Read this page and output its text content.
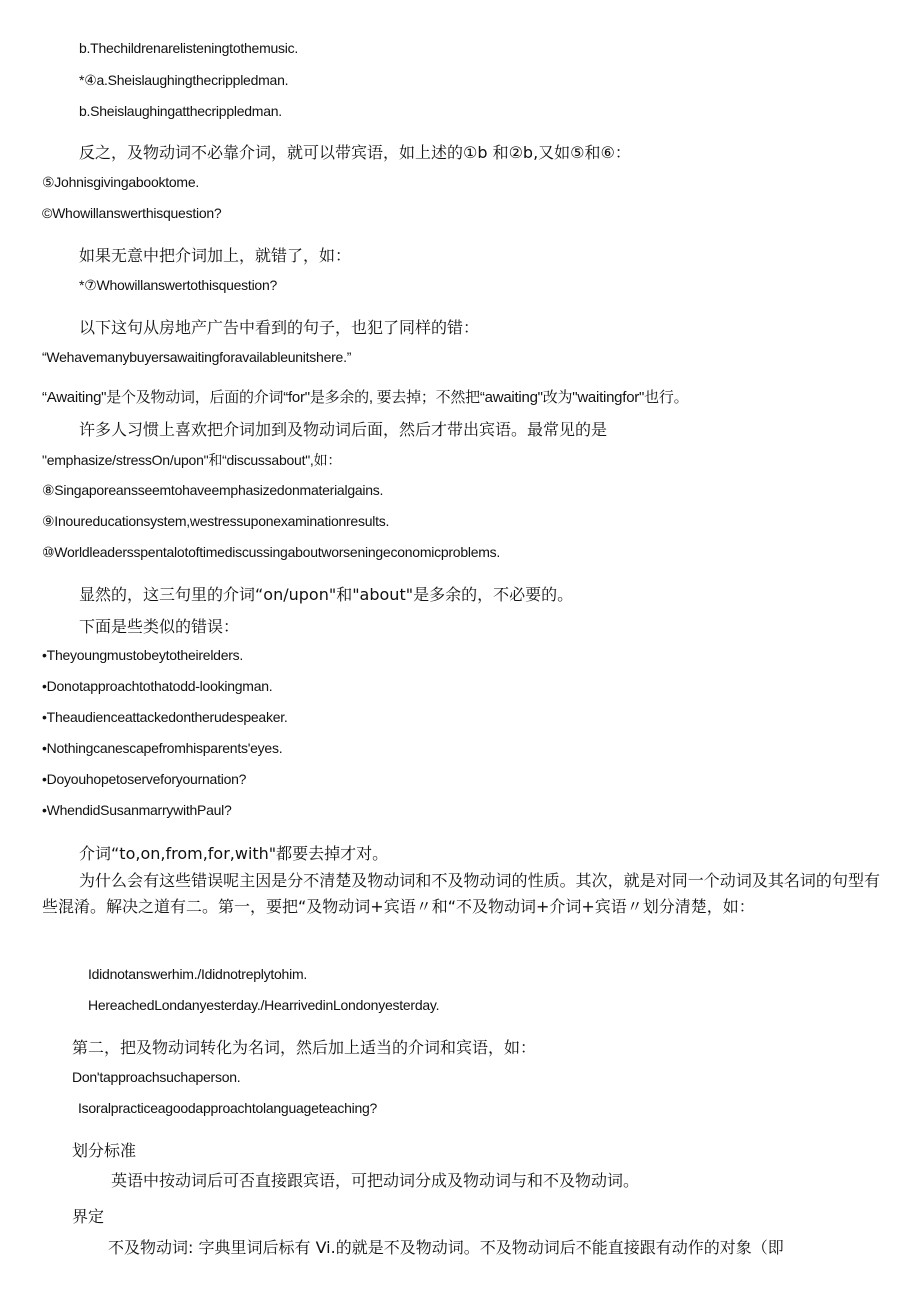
b.Thechildrenarelisteningtothemusic.

*④a.Sheislaughingthecrippledman.

b.Sheislaughingatthecrippledman.

反之，及物动词不必靠介词，就可以带宾语，如上述的①b 和②b,又如⑤和⑥：

⑤Johnisgivingabooktome.

©Whowillanswerthisquestion?

如果无意中把介词加上，就错了，如：

*⑦Whowillanswertothisquestion?

以下这句从房地产广告中看到的句子，也犯了同样的错：

“Wehavemanybuyersawaitingforavailableunitshere.”

“Awaiting"是个及物动词，后面的介词“for"是多余的, 要去掉；不然把“awaiting"改为"waitingfor"也行。

许多人习惯上喜欢把介词加到及物动词后面，然后才带出宾语。最常见的是

"emphasize/stressOn/upon"和“discussabout",如：

⑧Singaporeansseemtohaveemphasizedonmaterialgains.

⑨Inoureducationsystem,westressuponexaminationresults.

⑩Worldleadersspentalotoftimediscussingaboutworseningeconomicproblems.

显然的，这三句里的介词“on/upon"和"about"是多余的，不必要的。

下面是些类似的错误：

•Theyoungmustobeytotheirelders.

•Donotapproachtothatodd-lookingman.

•Theaudienceattackedontherudespeaker.

•Nothingcanescapefromhisparents'eyes.

•Doyouhopetoserveforyournation?

•WhendidSusanmarrywithPaul?

介词“to,on,from,for,with"都要去掉才对。

为什么会有这些错误呢主因是分不清楚及物动词和不及物动词的性质。其次，就是对同一个动词及其名词的句型有些混淆。解决之道有二。第一，要把“及物动词+宾语〃和“不及物动词+介词+宾语〃划分清楚，如：

Ididnotanswerhim./Ididnotreplytohim.

HereachedLondanyesterday./HearrivedinLondonyesterday.

第二，把及物动词转化为名词，然后加上适当的介词和宾语，如：

Don'tapproachsuchaperson.

Isoralpracticeagoodapproachtolanguageteaching?

划分标准

英语中按动词后可否直接跟宾语，可把动词分成及物动词与和不及物动词。

界定

不及物动词: 字典里词后标有 Vi.的就是不及物动词。不及物动词后不能直接跟有动作的对象（即
